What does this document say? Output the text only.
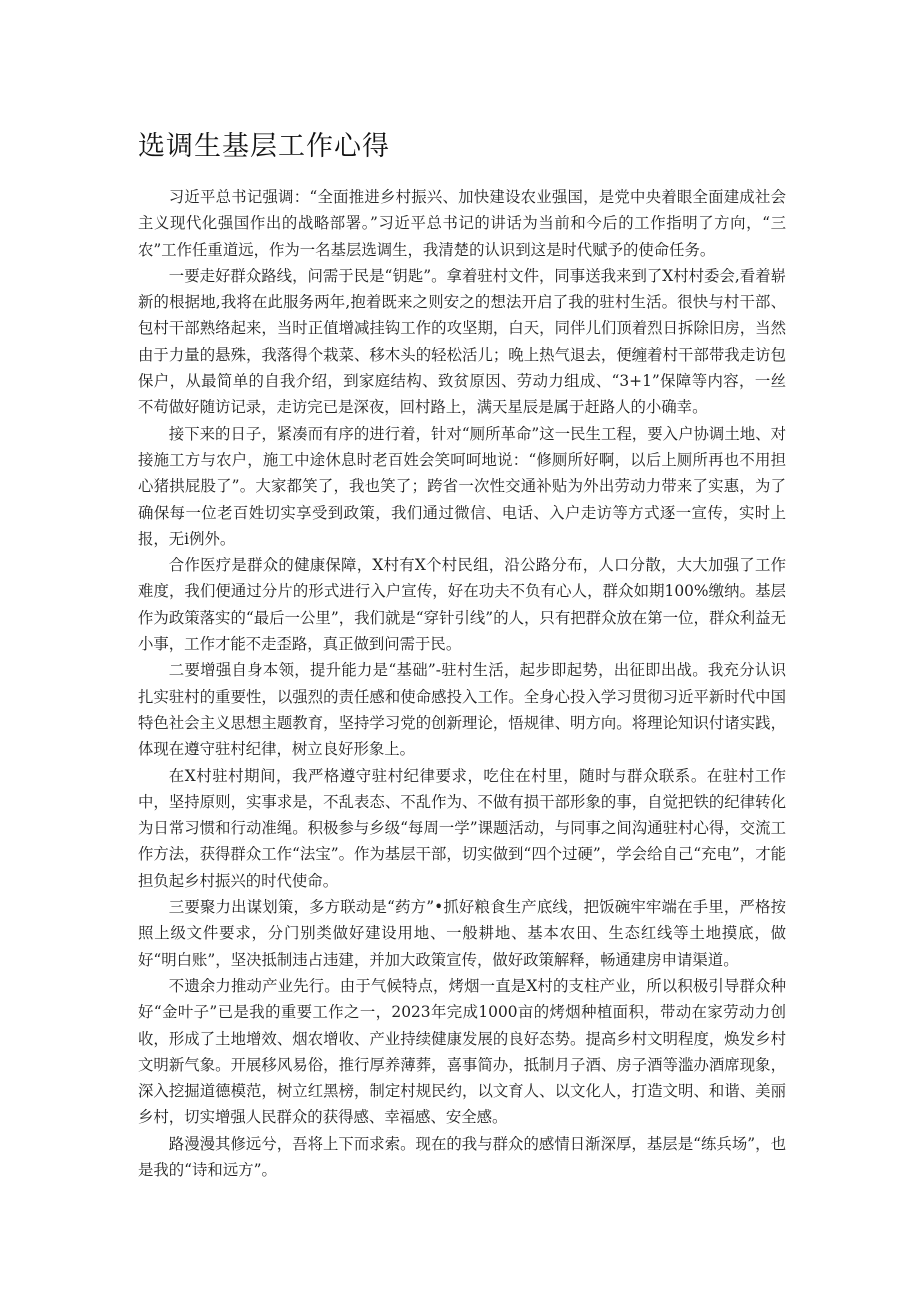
选调生基层工作心得

习近平总书记强调：“全面推进乡村振兴、加快建设农业强国，是党中央着眼全面建成社会主义现代化强国作出的战略部署。”习近平总书记的讲话为当前和今后的工作指明了方向，“三农”工作任重道远，作为一名基层选调生，我清楚的认识到这是时代赋予的使命任务。

一要走好群众路线，问需于民是“钥匙”。拿着驻村文件，同事送我来到了X村村委会,看着崭新的根据地,我将在此服务两年,抱着既来之则安之的想法开启了我的驻村生活。很快与村干部、包村干部熟络起来，当时正值增减挂钩工作的攻坚期，白天，同伴儿们顶着烈日拆除旧房，当然由于力量的悬殊，我落得个栽菜、移木头的轻松活儿；晚上热气退去，便缠着村干部带我走访包保户，从最简单的自我介绍，到家庭结构、致贫原因、劳动力组成、“3+1”保障等内容，一丝不苟做好随访记录，走访完已是深夜，回村路上，满天星辰是属于赶路人的小确幸。

接下来的日子，紧凑而有序的进行着，针对“厕所革命”这一民生工程，要入户协调土地、对接施工方与农户，施工中途休息时老百姓会笑呵呵地说：“修厕所好啊，以后上厕所再也不用担心猪拱屁股了”。大家都笑了，我也笑了；跨省一次性交通补贴为外出劳动力带来了实惠，为了确保每一位老百姓切实享受到政策，我们通过微信、电话、入户走访等方式逐一宣传，实时上报，无i例外。

合作医疗是群众的健康保障，X村有X个村民组，沿公路分布，人口分散，大大加强了工作难度，我们便通过分片的形式进行入户宣传，好在功夫不负有心人，群众如期100%缴纳。基层作为政策落实的“最后一公里”，我们就是“穿针引线”的人，只有把群众放在第一位，群众利益无小事，工作才能不走歪路，真正做到问需于民。

二要增强自身本领，提升能力是“基础”-驻村生活，起步即起势，出征即出战。我充分认识扎实驻村的重要性，以强烈的责任感和使命感投入工作。全身心投入学习贯彻习近平新时代中国特色社会主义思想主题教育，坚持学习党的创新理论，悟规律、明方向。将理论知识付诸实践，体现在遵守驻村纪律，树立良好形象上。

在X村驻村期间，我严格遵守驻村纪律要求，吃住在村里，随时与群众联系。在驻村工作中，坚持原则，实事求是，不乱表态、不乱作为、不做有损干部形象的事，自觉把铁的纪律转化为日常习惯和行动准绳。积极参与乡级“每周一学”课题活动，与同事之间沟通驻村心得，交流工作方法，获得群众工作“法宝”。作为基层干部，切实做到“四个过硬”，学会给自己“充电”，才能担负起乡村振兴的时代使命。

三要聚力出谋划策，多方联动是“药方”•抓好粮食生产底线，把饭碗牢牢端在手里，严格按照上级文件要求，分门别类做好建设用地、一般耕地、基本农田、生态红线等土地摸底，做好“明白账”，坚决抵制违占违建，并加大政策宣传，做好政策解释，畅通建房申请渠道。

不遗余力推动产业先行。由于气候特点，烤烟一直是X村的支柱产业，所以积极引导群众种好“金叶子”已是我的重要工作之一，2023年完成1000亩的烤烟种植面积，带动在家劳动力创收，形成了土地增效、烟农增收、产业持续健康发展的良好态势。提高乡村文明程度，焕发乡村文明新气象。开展移风易俗，推行厚养薄葬，喜事简办，抵制月子酒、房子酒等滥办酒席现象，深入挖掘道德模范，树立红黑榜，制定村规民约，以文育人、以文化人，打造文明、和谐、美丽乡村，切实增强人民群众的获得感、幸福感、安全感。

路漫漫其修远兮，吾将上下而求索。现在的我与群众的感情日渐深厚，基层是“练兵场”，也是我的“诗和远方”。
